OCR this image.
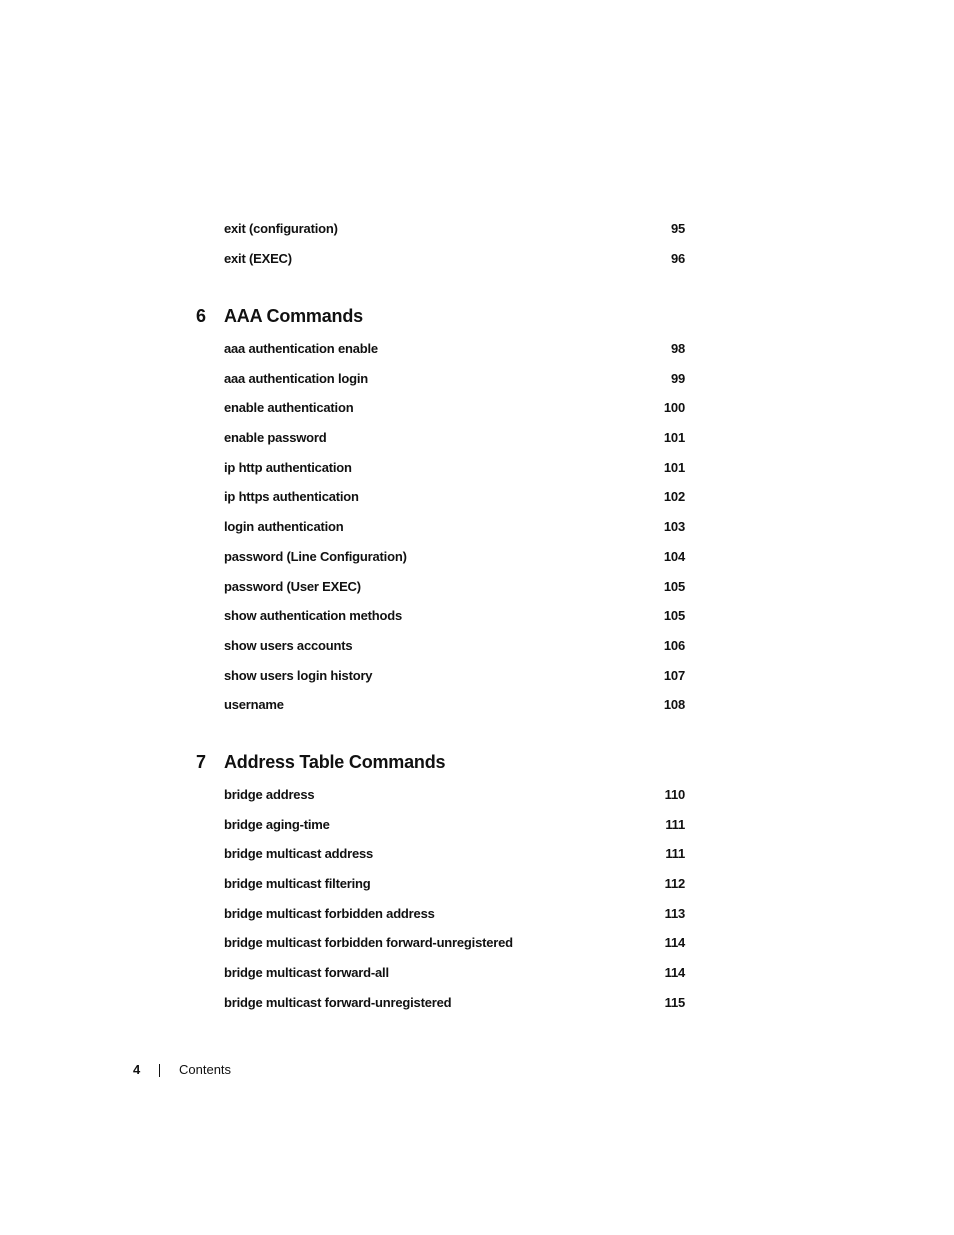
exit (configuration)	95
exit (EXEC)	96
6 AAA Commands
aaa authentication enable	98
aaa authentication login	99
enable authentication	100
enable password	101
ip http authentication	101
ip https authentication	102
login authentication	103
password (Line Configuration)	104
password (User EXEC)	105
show authentication methods	105
show users accounts	106
show users login history	107
username	108
7 Address Table Commands
bridge address	110
bridge aging-time	111
bridge multicast address	111
bridge multicast filtering	112
bridge multicast forbidden address	113
bridge multicast forbidden forward-unregistered	114
bridge multicast forward-all	114
bridge multicast forward-unregistered	115
4	Contents
